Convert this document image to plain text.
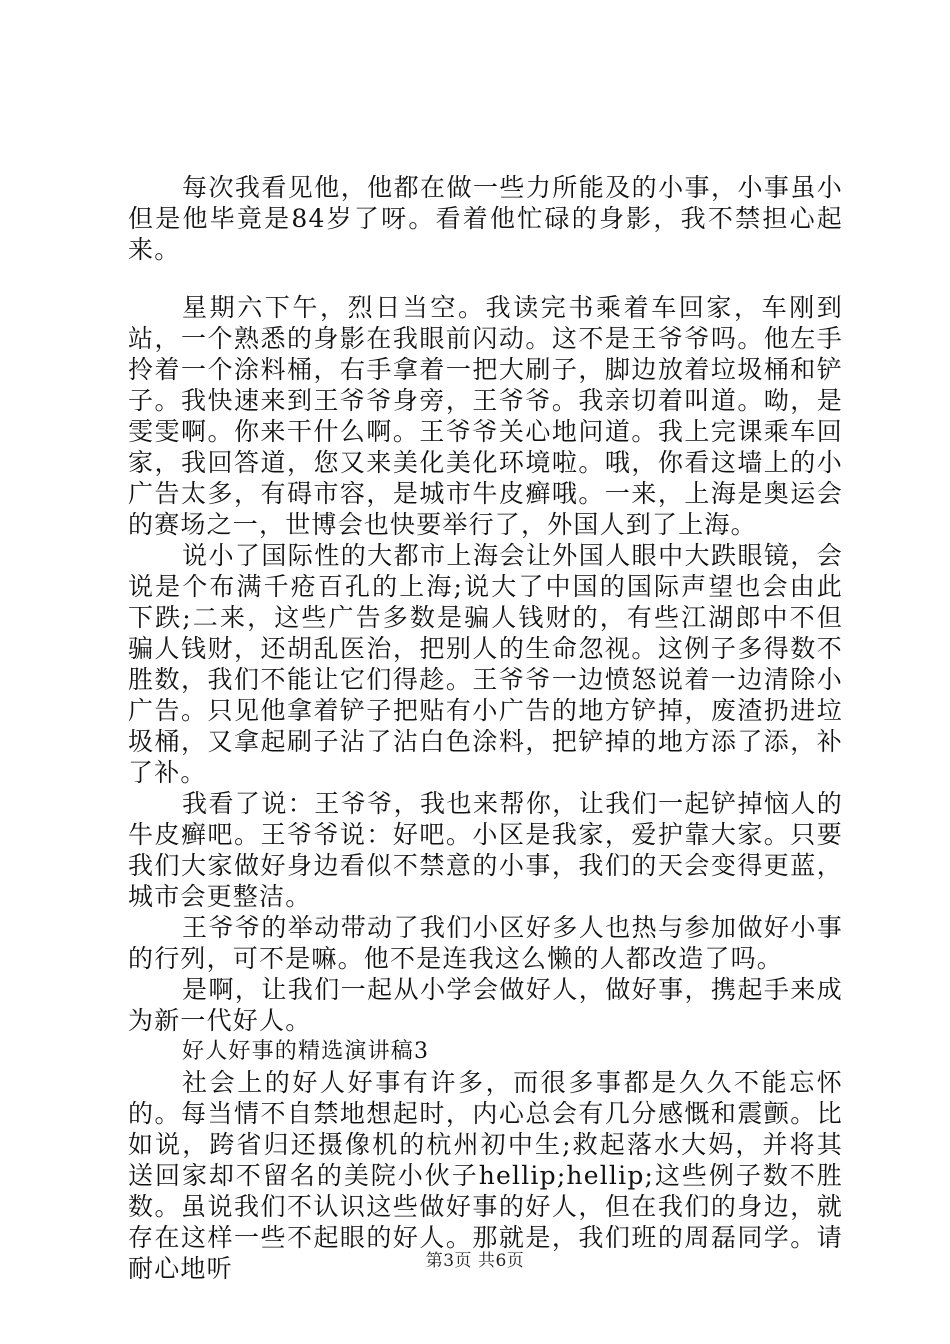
每次我看见他，他都在做一些力所能及的小事，小事虽小但是他毕竟是84岁了呀。看着他忙碌的身影，我不禁担心起来。

星期六下午，烈日当空。我读完书乘着车回家，车刚到站，一个熟悉的身影在我眼前闪动。这不是王爷爷吗。他左手拎着一个涂料桶，右手拿着一把大刷子，脚边放着垃圾桶和铲子。我快速来到王爷爷身旁，王爷爷。我亲切着叫道。呦，是雯雯啊。你来干什么啊。王爷爷关心地问道。我上完课乘车回家，我回答道，您又来美化美化环境啦。哦，你看这墙上的小广告太多，有碍市容，是城市牛皮癣哦。一来，上海是奥运会的赛场之一，世博会也快要举行了，外国人到了上海。

说小了国际性的大都市上海会让外国人眼中大跌眼镜，会说是个布满千疮百孔的上海;说大了中国的国际声望也会由此下跌;二来，这些广告多数是骗人钱财的，有些江湖郎中不但骗人钱财，还胡乱医治，把别人的生命忽视。这例子多得数不胜数，我们不能让它们得趁。王爷爷一边愤怒说着一边清除小广告。只见他拿着铲子把贴有小广告的地方铲掉，废渣扔进垃圾桶，又拿起刷子沾了沾白色涂料，把铲掉的地方添了添，补了补。

我看了说：王爷爷，我也来帮你，让我们一起铲掉恼人的牛皮癣吧。王爷爷说：好吧。小区是我家，爱护靠大家。只要我们大家做好身边看似不禁意的小事，我们的天会变得更蓝，城市会更整洁。

王爷爷的举动带动了我们小区好多人也热与参加做好小事的行列，可不是嘛。他不是连我这么懒的人都改造了吗。

是啊，让我们一起从小学会做好人，做好事，携起手来成为新一代好人。

好人好事的精选演讲稿3

社会上的好人好事有许多，而很多事都是久久不能忘怀的。每当情不自禁地想起时，内心总会有几分感慨和震颤。比如说，跨省归还摄像机的杭州初中生;救起落水大妈，并将其送回家却不留名的美院小伙子hellip;hellip;这些例子数不胜数。虽说我们不认识这些做好事的好人，但在我们的身边，就存在这样一些不起眼的好人。那就是，我们班的周磊同学。请耐心地听	第3页 共6页
